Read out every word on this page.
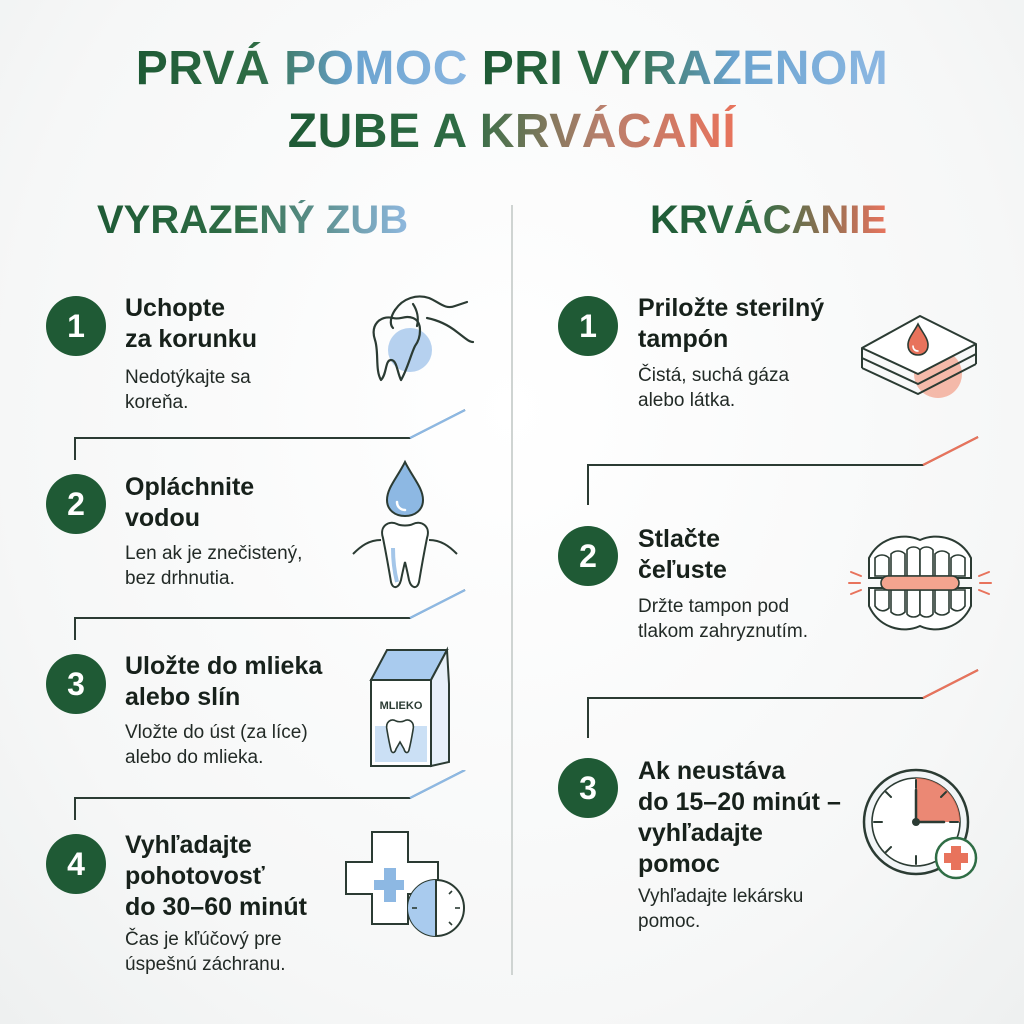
PRVÁ POMOC PRI VYRAZENOM
ZUBE A KRVÁCANÍ
VYRAZENÝ ZUB	KRVÁCANIE
1	Uchopte
za korunku
Nedotýkajte sa
koreňa.
2	Opláchnite
vodou
Len ak je znečistený,
bez drhnutia.
3	Uložte do mlieka
alebo slín
Vložte do úst (za líce)
alebo do mlieka.
MLIEKO
4
Vyhľadajte
pohotovosť
do 30–60 minút
Čas je kľúčový pre
úspešnú záchranu.
1	Priložte sterilný
tampón
Čistá, suchá gáza
alebo látka.
2	Stlačte
čeľuste
Držte tampon pod
tlakom zahryznutím.
3	Ak neustáva
do 15–20 minút –
vyhľadajte
pomoc
Vyhľadajte lekársku
pomoc.
